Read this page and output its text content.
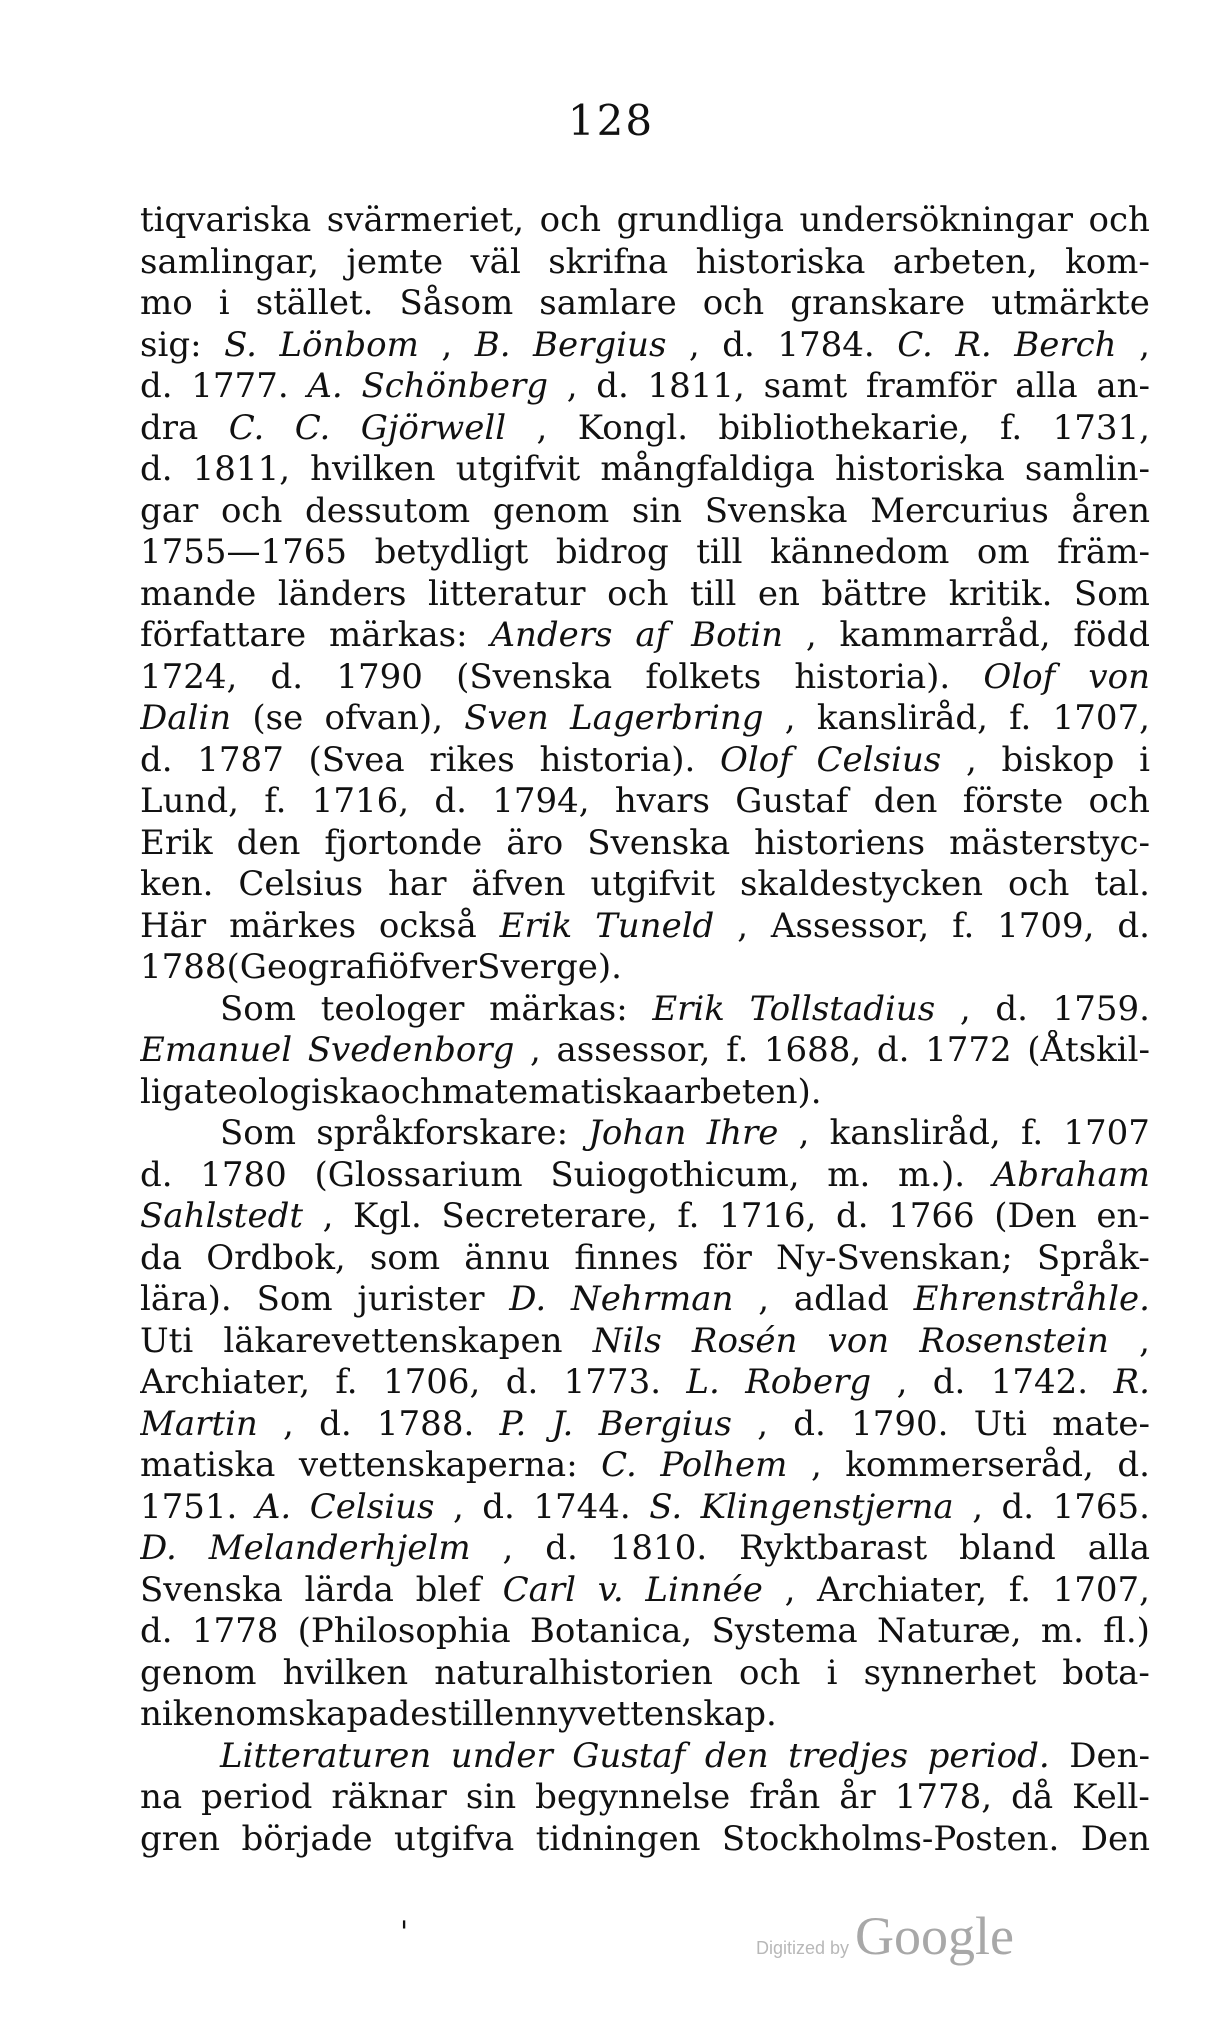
128
tiqvariska svärmeriet, och grundliga undersökningar och
samlingar, jemte väl skrifna historiska arbeten, kom-
mo i stället. Såsom samlare och granskare utmärkte
sig: S. Lönbom , B. Bergius , d. 1784. C. R. Berch ,
d. 1777. A. Schönberg , d. 1811, samt framför alla an-
dra C. C. Gjörwell , Kongl. bibliothekarie, f. 1731,
d. 1811, hvilken utgifvit mångfaldiga historiska samlin-
gar och dessutom genom sin Svenska Mercurius åren
1755—1765 betydligt bidrog till kännedom om främ-
mande länders litteratur och till en bättre kritik. Som
författare märkas: Anders af Botin , kammarråd, född
1724, d. 1790 (Svenska folkets historia). Olof von
Dalin (se ofvan), Sven Lagerbring , kansliråd, f. 1707,
d. 1787 (Svea rikes historia). Olof Celsius , biskop i
Lund, f. 1716, d. 1794, hvars Gustaf den förste och
Erik den fjortonde äro Svenska historiens mästerstyc-
ken. Celsius har äfven utgifvit skaldestycken och tal.
Här märkes också Erik Tuneld , Assessor, f. 1709, d.
1788 (Geografi öfver Sverge).
Som teologer märkas: Erik Tollstadius , d. 1759.
Emanuel Svedenborg , assessor, f. 1688, d. 1772 (Åtskil-
liga teologiska och matematiska arbeten).
Som språkforskare: Johan Ihre , kansliråd, f. 1707
d. 1780 (Glossarium Suiogothicum, m. m.). Abraham
Sahlstedt , Kgl. Secreterare, f. 1716, d. 1766 (Den en-
da Ordbok, som ännu finnes för Ny-Svenskan; Språk-
lära). Som jurister D. Nehrman , adlad Ehrenstråhle.
Uti läkarevettenskapen Nils Rosén von Rosenstein ,
Archiater, f. 1706, d. 1773. L. Roberg , d. 1742. R.
Martin , d. 1788. P. J. Bergius , d. 1790. Uti mate-
matiska vettenskaperna: C. Polhem , kommerseråd, d.
1751. A. Celsius , d. 1744. S. Klingenstjerna , d. 1765.
D. Melanderhjelm , d. 1810. Ryktbarast bland alla
Svenska lärda blef Carl v. Linnée , Archiater, f. 1707,
d. 1778 (Philosophia Botanica, Systema Naturæ, m. fl.)
genom hvilken naturalhistorien och i synnerhet bota-
niken omskapades till en ny vettenskap.
Litteraturen under Gustaf den tredjes period. Den-
na period räknar sin begynnelse från år 1778, då Kell-
gren började utgifva tidningen Stockholms-Posten. Den
'	Digitized by Google
